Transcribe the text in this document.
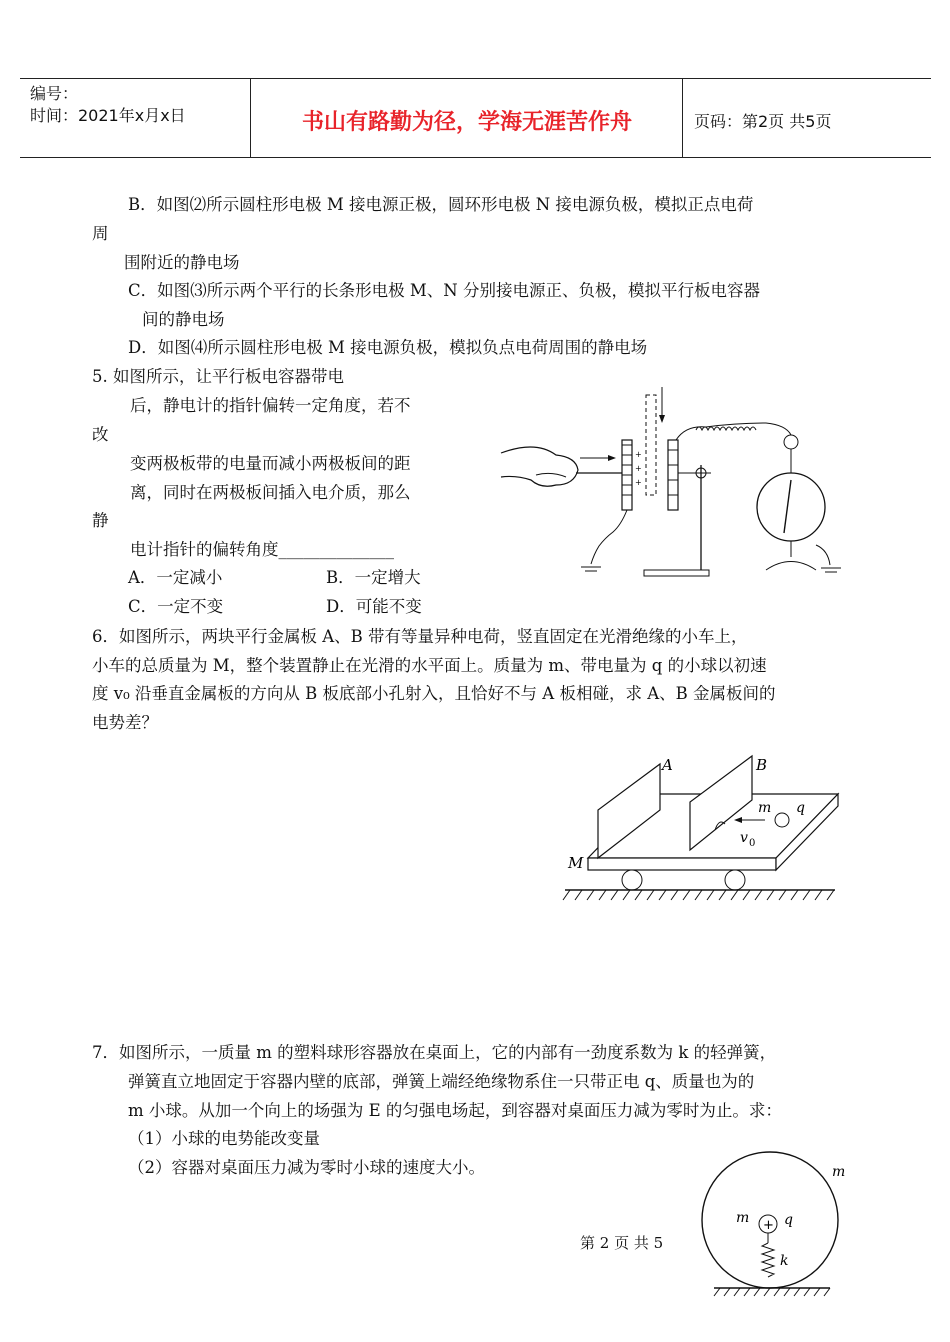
编号：
时间：2021年x月x日	书山有路勤为径，学海无涯苦作舟	页码：第2页 共5页
B．如图⑵所示圆柱形电极 M 接电源正极，圆环形电极 N 接电源负极，模拟正点电荷
周
围附近的静电场
C．如图⑶所示两个平行的长条形电极 M、N 分别接电源正、负极，模拟平行板电容器
间的静电场
D．如图⑷所示圆柱形电极 M 接电源负极，模拟负点电荷周围的静电场
5. 如图所示，让平行板电容器带电
后，静电计的指针偏转一定角度，若不
改
变两极板带的电量而减小两极板间的距
离，同时在两极板间插入电介质，那么
静
电计指针的偏转角度______________
A．一定减小	B．一定增大
C．一定不变	D．可能不变
+
+
+
6．如图所示，两块平行金属板 A、B 带有等量异种电荷，竖直固定在光滑绝缘的小车上，
小车的总质量为 M，整个装置静止在光滑的水平面上。质量为 m、带电量为 q 的小球以初速
度 v₀ 沿垂直金属板的方向从 B 板底部小孔射入，且恰好不与 A 板相碰，求 A、B 金属板间的
电势差？
A	B
m q
v 0
M
7．如图所示，一质量 m 的塑料球形容器放在桌面上，它的内部有一劲度系数为 k 的轻弹簧，
弹簧直立地固定于容器内壁的底部，弹簧上端经绝缘物系住一只带正电 q、质量也为的
m 小球。从加一个向上的场强为 E 的匀强电场起，到容器对桌面压力减为零时为止。求：
（1）小球的电势能改变量
（2）容器对桌面压力减为零时小球的速度大小。
+
m
m q
k
第 2 页 共 5
